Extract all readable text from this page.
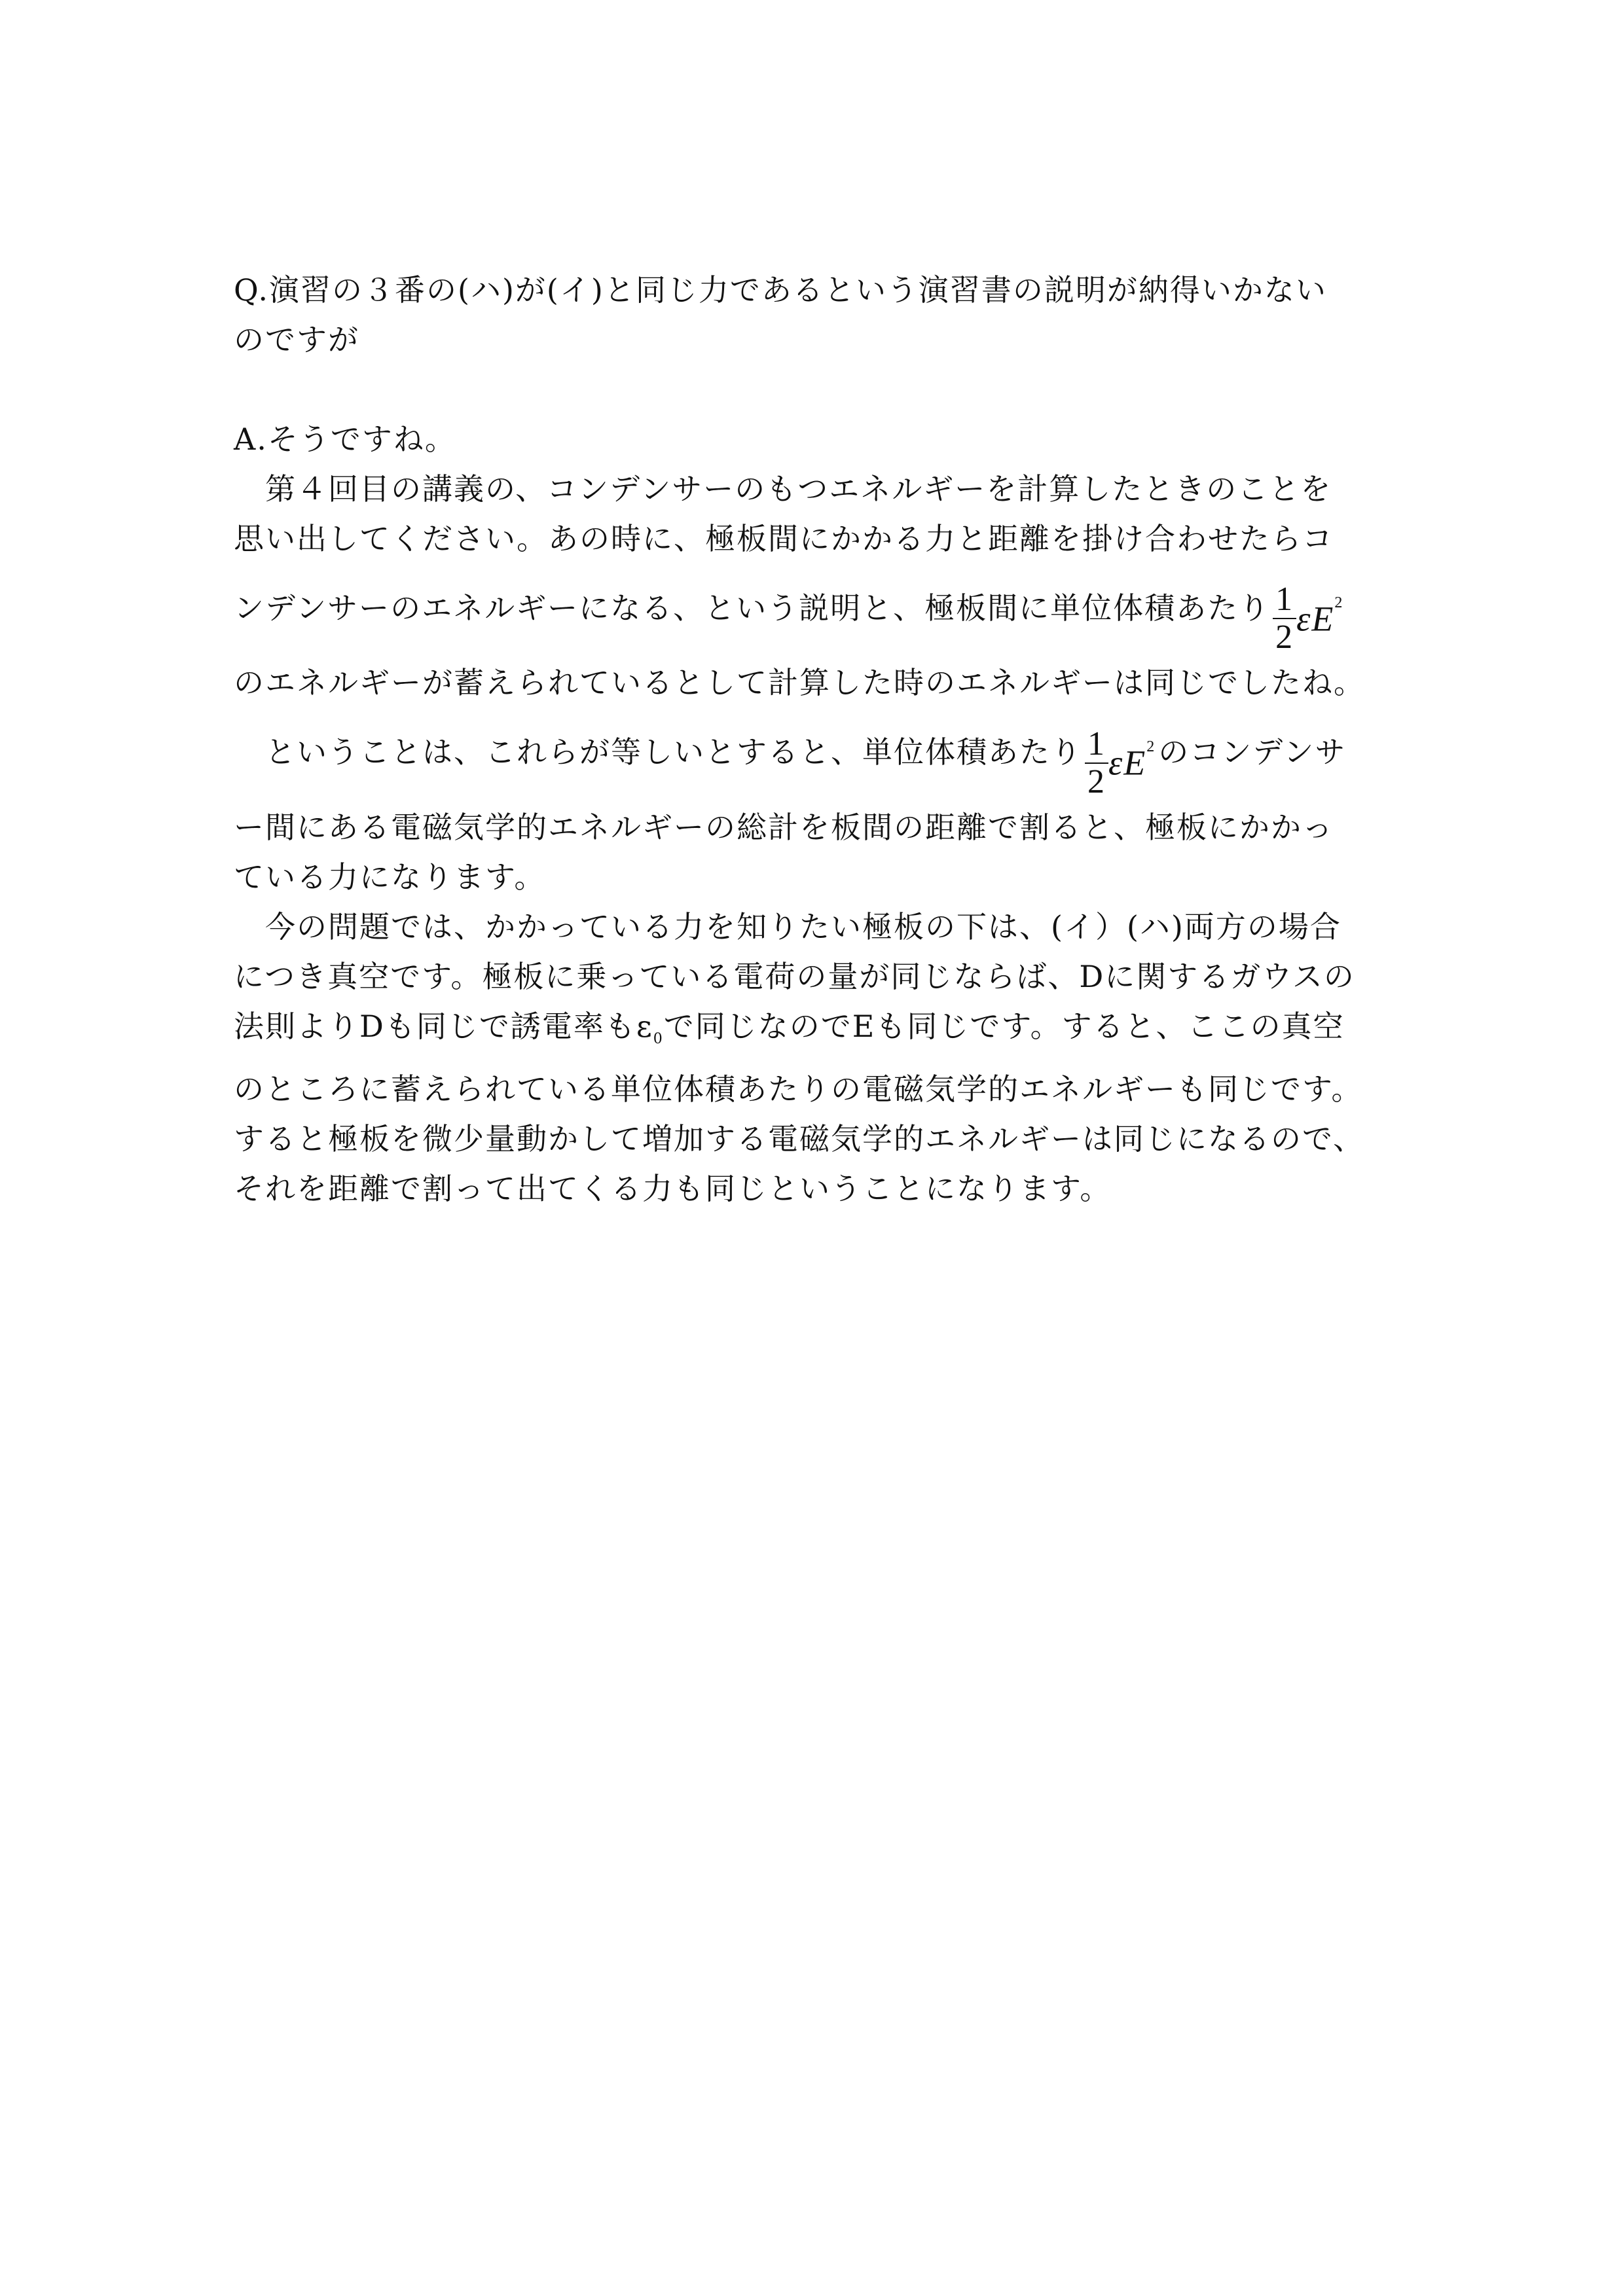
Q.演習の３番の(ハ)が(イ)と同じ力であるという演習書の説明が納得いかない

のですが

A.そうですね。

　第４回目の講義の、コンデンサーのもつエネルギーを計算したときのことを

思い出してください。あの時に、極板間にかかる力と距離を掛け合わせたらコ

ンデンサーのエネルギーになる、という説明と、極板間に単位体積あたり $\frac{1}{2} \varepsilon E^2$

のエネルギーが蓄えられているとして計算した時のエネルギーは同じでしたね。

　ということは、これらが等しいとすると、単位体積あたり $\frac{1}{2} \varepsilon E^2$のコンデンサ

ー間にある電磁気学的エネルギーの総計を板間の距離で割ると、極板にかかっ

ている力になります。

　今の問題では、かかっている力を知りたい極板の下は、(イ）(ハ)両方の場合

につき真空です。極板に乗っている電荷の量が同じならば、Dに関するガウスの

法則よりDも同じで誘電率も$\varepsilon_0$で同じなのでEも同じです。すると、ここの真空

のところに蓄えられている単位体積あたりの電磁気学的エネルギーも同じです。

すると極板を微少量動かして増加する電磁気学的エネルギーは同じになるので、

それを距離で割って出てくる力も同じということになります。
